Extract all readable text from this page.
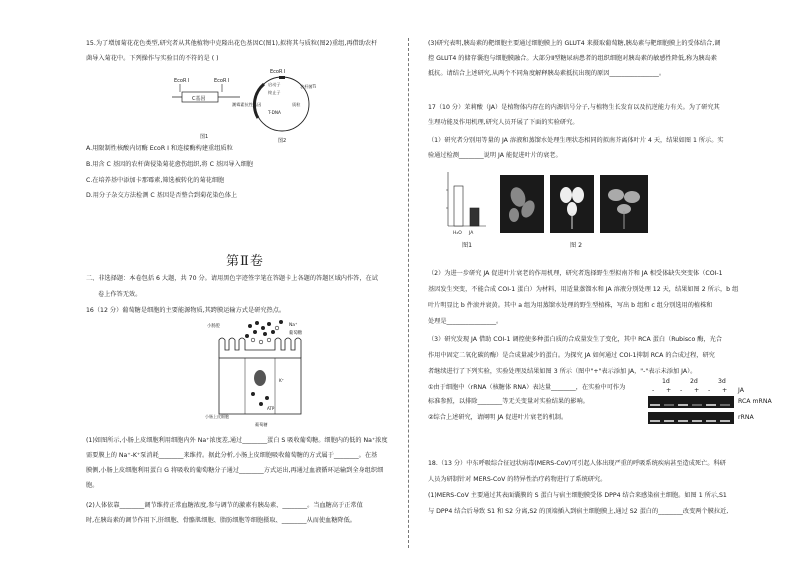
15.为了增加菊花花色类型,研究者从其他植物中克隆出花色基因C(图1),拟将其与质粒(图2)重组,再借助农杆
菌导入菊花中。下列操作与实验目的不符的是 ( )
EcoR I	EcoR I
C基因
图1
EcoR I
潮霉素抗性基因
启动子
终止子
T-DNA
质粒
农杆菌Ti
图2
A.用限制性核酸内切酶 EcoR I 和连接酶构建重组质粒
B.用含 C 基因的农杆菌侵染菊花愈伤组织,将 C 基因导入细胞
C.在培养基中添加卡那霉素,筛选被转化的菊花细胞
D.用分子杂交方法检测 C 基因是否整合到菊花染色体上
第Ⅱ卷
二、非选择题：本卷包括 6 大题，共 70 分。请用黑色字迹签字笔在答题卡上各题的答题区域内作答，在试
卷上作答无效。
16（12 分）葡萄糖是细胞的主要能源物质,其跨膜运输方式是研究热点。
小肠腔	Na⁺
葡萄糖
K⁺
ATP
小肠上皮细胞
葡萄糖
(1)如图所示,小肠上皮细胞利用细胞内外 Na⁺浓度差,通过________蛋白 S 吸收葡萄糖。细胞内的低的 Na⁺浓度
需要膜上的 Na⁺-K⁺泵消耗________来维持。据此分析,小肠上皮细胞吸收葡萄糖的方式属于________。在基
膜侧,小肠上皮细胞利用蛋白 G 将吸收的葡萄糖分子通过________方式运出,再通过血液循环运输到全身组织细
胞。
(2)人体依靠________调节维持正常血糖浓度,参与调节的激素有胰岛素、________。当血糖高于正常值
时,在胰岛素的调节作用下,肝细胞、骨骼肌细胞、脂肪细胞等细胞摄取、________从而使血糖降低。
(3)研究表明,胰岛素的靶细胞主要通过细胞膜上的 GLUT4 来摄取葡萄糖,胰岛素与靶细胞膜上的受体结合,调
控 GLUT4 的储存囊泡与细胞膜融合。大部分Ⅱ型糖尿病患者的组织细胞对胰岛素的敏感性降低,称为胰岛素
抵抗。请结合上述研究,从两个不同角度解释胰岛素抵抗出现的原因________________。
17（10 分）茉莉酸（JA）是植物体内存在的内源信号分子,与植物生长发育以及抗逆能力有关。为了研究其
生理功能及作用机理,研究人员开展了下面的实验研究。
（1）研究者分别用等量的 JA 溶液和蒸馏水处理生理状态相同的拟南芥离体叶片 4 天，结果如图 1 所示。实
验通过检测________说明 JA 能促进叶片的衰老。
H₂O JA
图1	图 2
（2）为进一步研究 JA 促进叶片衰老的作用机理，研究者选择野生型拟南芥和 JA 相受体缺失突变体（COI-1
基因发生突变，不能合成 COI-1 蛋白）为材料，用适量蒸馏水和 JA 溶液分别处理 12 天，结果如图 2 所示，b 组
叶片明显比 b 件滚并衰黄。其中 a 组为用蒸馏水处理的野生型植株，写出 b 组和 c 组分别选用的植株和
处理是________________。
（3）研究发现 JA 借助 COI-1 调控使多种蛋白质的合成量发生了变化，其中 RCA 蛋白（Rubisco 酶，光合
作用中固定二氧化碳的酶）是合成量减少的蛋白。为探究 JA 如何通过 COI-1抑制 RCA 的合成过程，研究
者继续进行了下列实验，实验处理及结果如图 3 所示（图中"+"表示添加 JA，"-"表示未添加 JA）。
①由于细胞中（rRNA（核糖体 RNA）表达量________，在实验中可作为
标准参照，以排除________等无关变量对实验结果的影响。
②综合上述研究，请阐明 JA 促进叶片衰老的机制。
1d	2d	3d
- + - + - + JA
RCA mRNA
rRNA
18.（13 分）中东呼吸综合征冠状病毒(MERS-CoV)可引起人体出现严重的呼吸系统疾病甚至造成死亡。科研
人员为研制针对 MERS-CoV 的特异性治疗药物进行了系统研究。
(1)MERS-CoV 主要通过其表面囊膜的 S 蛋白与宿主细胞膜受体 DPP4 结合来感染宿主细胞。如图 1 所示,S1
与 DPP4 结合后导致 S1 和 S2 分离,S2 的顶端插入到宿主细胞膜上,通过 S2 蛋白的________改变两个膜拉近,
